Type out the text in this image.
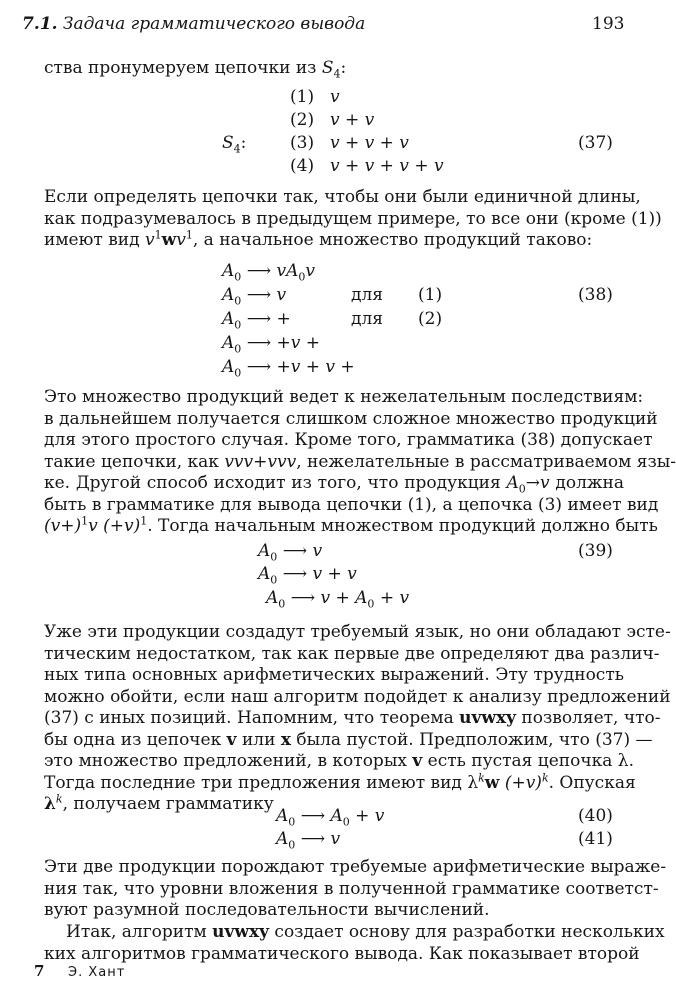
7.1. Задача грамматического вывода	193
ства пронумеруем цепочки из $S_4$:
$S_4$:
(1) v
(2) v + v
(3) v + v + v
(4) v + v + v + v
(37)
Если определять цепочки так, чтобы они были единичной длины,
как подразумевалось в предыдущем примере, то все они (кроме (1))
имеют вид $v^1wv^1$, а начальное множество продукций таково:
$A_0$ ⟶ $vA_0v$
$A_0$ ⟶ v	для (1)
$A_0$ ⟶ +	для (2)
$A_0$ ⟶ +v +
$A_0$ ⟶ +v + v +
(38)
Это множество продукций ведет к нежелательным последствиям:
в дальнейшем получается слишком сложное множество продукций
для этого простого случая. Кроме того, грамматика (38) допускает
такие цепочки, как vvv+vvv, нежелательные в рассматриваемом язы-
ке. Другой способ исходит из того, что продукция $A_0\to v$ должна
быть в грамматике для вывода цепочки (1), а цепочка (3) имеет вид
$(v+)^1v$ $(+v)^1$. Тогда начальным множеством продукций должно быть
$A_0$ ⟶ v
$A_0$ ⟶ v + v
$A_0$ ⟶ $v + A_0 + v$
(39)
Уже эти продукции создадут требуемый язык, но они обладают эсте-
тическим недостатком, так как первые две определяют два различ-
ных типа основных арифметических выражений. Эту трудность
можно обойти, если наш алгоритм подойдет к анализу предложений
(37) с иных позиций. Напомним, что теорема uvwxy позволяет, что-
бы одна из цепочек v или x была пустой. Предположим, что (37) —
это множество предложений, в которых v есть пустая цепочка λ.
Тогда последние три предложения имеют вид $\lambda^kw$ $(+v)^k$. Опуская
$\lambda^k$, получаем грамматику
$A_0$ ⟶ $A_0 + v$	(40)
$A_0$ ⟶ v	(41)
Эти две продукции порождают требуемые арифметические выраже-
ния так, что уровни вложения в полученной грамматике соответст-
вуют разумной последовательности вычислений.
Итак, алгоритм uvwxy создает основу для разработки нескольких
ких алгоритмов грамматического вывода. Как показывает второй
7 Э. Хант
